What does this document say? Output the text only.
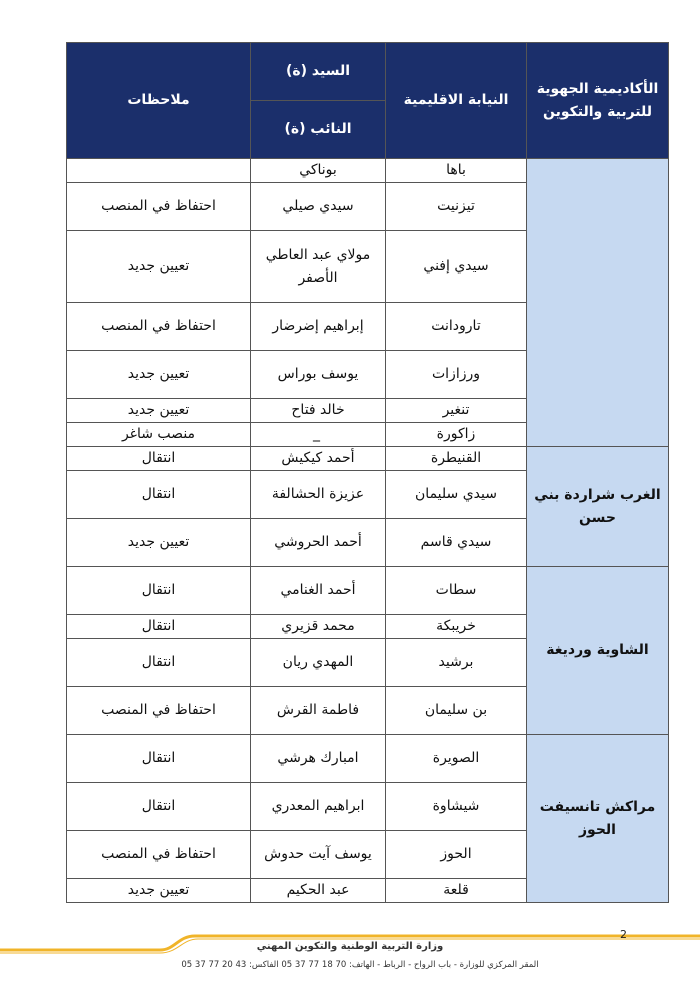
الأكاديمية الجهوية للتربية والتكوين	النيابة الاقليمية	السيد (ة)	ملاحظات
		النائب (ة)	
	باها	بوناكي	
	تيزنيت	سيدي صيلي	احتفاظ في المنصب
	سيدي إفني	مولاي عبد العاطي الأصفر	تعيين جديد
	تارودانت	إبراهيم إضرضار	احتفاظ في المنصب
	ورزازات	يوسف بوراس	تعيين جديد
	تنغير	خالد فتاح	تعيين جديد
	زاكورة	_	منصب شاغر
الغرب شراردة بني حسن	القنيطرة	أحمد كيكيش	انتقال
	سيدي سليمان	عزيزة الحشالفة	انتقال
	سيدي قاسم	أحمد الحروشي	تعيين جديد
الشاوية ورديغة	سطات	أحمد الغنامي	انتقال
	خريبكة	محمد قزيري	انتقال
	برشيد	المهدي ريان	انتقال
	بن سليمان	فاطمة القرش	احتفاظ في المنصب
مراكش تانسيفت الحوز	الصويرة	امبارك هرشي	انتقال
	شيشاوة	ابراهيم المعدري	انتقال
	الحوز	يوسف آيت حدوش	احتفاظ في المنصب
	قلعة	عبد الحكيم	تعيين جديد
2
وزارة التربية الوطنية والتكوين المهني
المقر المركزي للوزارة - باب الرواح - الرباط - الهاتف: 70 18 77 37 05 الفاكس: 43 20 77 37 05
